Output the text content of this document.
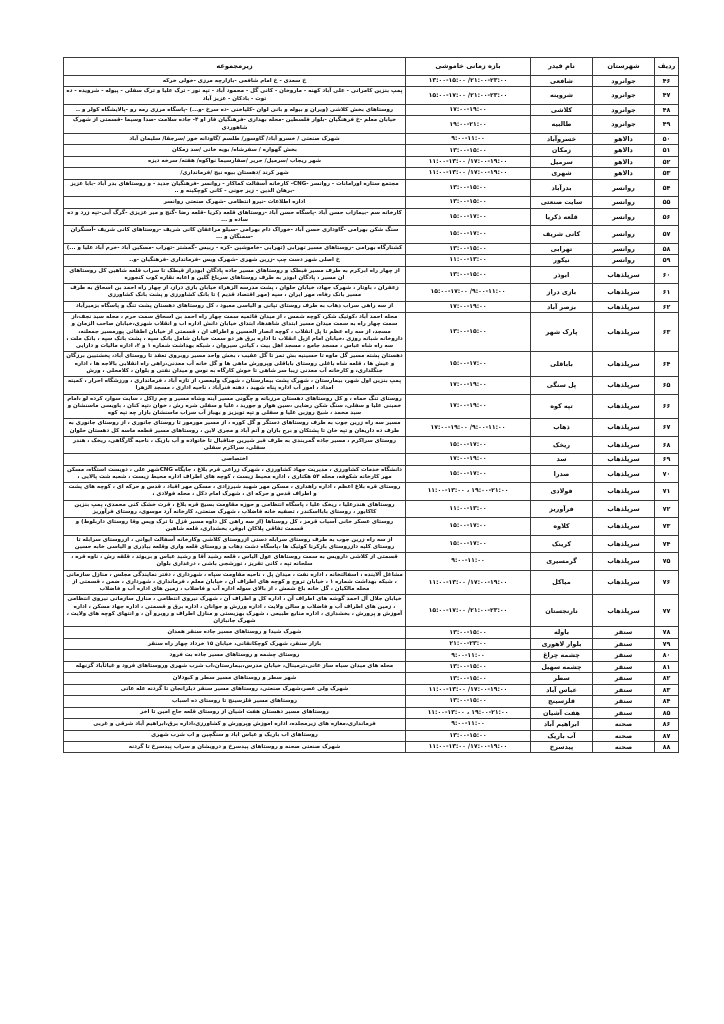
ردیف	شهرستان	نام فیدر	بازه زمانی خاموشی	زیرمجموعه
۴۶	جوانرود	شافعی	۱۳:۰۰-۱۵:۰۰ /۲۱:۰۰-۲۳:۰۰	خ سعدی - خ امام شافعی -بازارچه مرزی -خولی خرکه
۴۷	جوانرود	شروینه	۱۵:۰۰-۱۷:۰۰ /۲۱:۰۰-۲۳:۰۰	پمپ بنزین کامرانی - علی آباد کهنه - ماروخان - کانی گل - محمود آباد - تپه نور - ترک علیا و ترک سفلی - پیوله - شرویده - ده توت - بادکان - عزیز آباد
۴۸	جوانرود	کلاشی	۱۷:۰۰-۱۹:۰۰	روستاهای بخش کلاشی (ویران و بیوله و بانی لوان -کلیاخنی -ده سرخ -و...) -پاسگاه مرزی رمه رو -پالایشگاه کولر و ..
۴۹	جوانرود	طالبیه	۱۹:۰۰-۲۱:۰۰	خیابان معلم -خ فرهنگیان -بلوار فلسطین -محله بهداری -فرهنگیان فاز او ۴- جاده سلامت -صدا وسیما -قسمتی از شهرک شاهوردی
۵۰	دالاهو	خسروآباد	۹:۰۰-۱۱:۰۰	شهرک صنعتی / خسرو آباد/ گاوسور/ طلسم /گاودانه خور /سرجقا/ سلیمان آباد
۵۱	دالاهو	زمکان	۱۳:۰۰-۱۵:۰۰	بخش گهواره / سفرشاه/ بویه خانی /سد زمکان
۵۲	دالاهو	سرمیل	۱۱:۰۰-۱۳:۰۰ /۱۷:۰۰-۱۹:۰۰	شهر ریجاب /سرمیل/ حریر /صفارسیما نواکوه/ هفته/ سرخه دیزه
۵۳	دالاهو	شهری	۱۱:۰۰-۱۳:۰۰ /۱۷:۰۰-۱۹:۰۰	شهر کرند /دهستان بیوه نیج /فرمانداری/
۵۴	روانسر	بدرآباد	۱۳:۰۰-۱۵:۰۰	مجتمع ستاره اورامانات - روانسر -CNG- کارخانه آسفالت کماکار - روانسر -فرهنگیان جدید - و روستاهای بدر آباد -بابا عزیز -برهان الدین - زیر جونی - کانی کوچکینه و ..
۵۵	روانسر	سایت صنعتی	۱۳:۰۰-۱۵:۰۰	اداره اطلاعات -نیرو انتظامی -شهرک صنعتی روانسر
۵۶	روانسر	قلعه ذکریا	۱۵:۰۰-۱۷:۰۰	کارخانه سم -بیمازاب حسن آباد -پاسگاه حسن آباد -روستاهای قلعه ذکریا -قلعه رضا -گنج و میر عزیزی -گرگ آبی-تپه زرد و ده ساده و ...
۵۷	روانسر	کانی شریف	۱۵:۰۰-۱۷:۰۰	سنگ شکن بهرامی -گاوداری حسن آباد -خوراک دام بهرامی -سیلو مراغفان کانی شریف -روستاهای کانی شریف -آسنگران -سمنگان و ...
۵۸	روانسر	تهرابی	۱۳:۰۰-۱۵:۰۰	کشتارگاه بهرامی -روستاهای مسیر تهرابی (تهرابی -خاموشین -کره - ربیس -گمشتر -تهراب -مسکین آباد -خرم آباد علیا و ...)
۵۹	روانسر	نیکور	۱۱:۰۰-۱۳:۰۰	خ اصلی شهر دست چپ -زرین شهری -شهرک ویس -فرمانداری -فرهنگیان -و..
۶۰	سرپلذهاب	ابوذر	۱۳:۰۰-۱۵:۰۰	از چهار راه ابرکرم به طرف مسیر قبطک و روستاهای مسیر جاده پادگان ابوذراز قبطک تا سراب قلعه شاهین کل روستاهای ان مسیر ، پادگان ابوذر به طرف روستاهای سرباغ گلین و اعابه نقاره کوب کنجوره
۶۱	سرپلذهاب	بازی دراز	۱۵:۰۰-۱۷:۰۰ /۹:۰۰-۱۱:۰۰	زعفران ، باوتار ، شهرک جهاد، خیابان حلوان ، پشت مدرسه الزهراء خیابان بازی دراز، از چهار راه احمد بن اسحاق به طرف مسیر بانک رفاه، مهر ایران ، سپه (مهر اقتصاد قدیم ) تا بانک کشاورزی و پشت بانک کشاورزی
۶۲	سرپلذهاب	بزصر آباد	۱۷:۰۰-۱۹:۰۰	از سه راهی سراب ذهاب به طرف روستای تپانی و الیاسی معبود ، کل روستاهای دهستان پشت تنگ و پاسگاه بزمیرآباد
۶۳	سرپلذهاب	پارک شهر	۱۳:۰۰-۱۵:۰۰	محله احمد آباد ،کوئیک شکر، کوچه شمس ، از میدان قائمیه سمت چهار راه احمد بن اسحاق سمت حرم ، محله سید نجف،از سمت چهار راه به سمت میدان مسیر ابتدای شاهدها، ابتدای خیابان دانش اداره اب و انقلاب شهری،خیابان صاحب الزمان و مسجد، از سه راه عظم تا پل انقلاب ، کوچه انصار الحسین و اطراف ان ، قسمتی از خیابان اطفائی پورمسیر جمعلنه، داروخانه شبانه روزی ،خیابان امام ازپل انقلاب تا اداره برق هر دو سمت خیابان شامل بانک سپه ، پشت بانک سپه ، بانک ملت ، سه راه شاه عباس ، مسجد جامع ، مسجد اهل بیت ، کیانی سیروان ، شبکه بهداشت شماره ۱ و ۲، اداره مالیات و دارایی
۶۴	سرپلذهاب	باباقلی	۱۵:۰۰-۱۷:۰۰	دهستان پشته مسیر گل ماوه تا حسینیه بش تمر تا گل عقیب ، بخش واحد مسیر روبروی تعقد تا روستای آباد، پخشتیین برزگان و عیش ها ، قلعه شاه باغلی روستای باباقلی وپرورش ماهی ها و گل خانه آب معدنی،راهی راه انقلابی بالاجه ها ، اداره جنگلداری، و کارخانه آب معدنی زیبا سر شاهی تا خوش کارگاه به نوس و میدان نفتی و بلوان ، کلامحلی ، ورش
۶۵	سرپلذهاب	پل سنگی	۱۷:۰۰-۱۹:۰۰	پمپ بنزین اول شهر، بیمارستان ، شهرک پشت بیمارستان ، شهرک ولیعصر، از تازه آباد ، فرمانداری ، ورزشگاه احرار ، کمیته امداد ، امور آب اداره پناه شهید ، دهنه فنرآباد ، ناحیه اداری ، مسجد الزهرا
۶۶	سرپلذهاب	تپه کوه	۱۷:۰۰-۱۹:۰۰	روستای تنگ حماه ، و کل روستاهای دهستان مرزبانه و چگونی مسیر آینه وشاه مسیر و چم زاکل ، سایت سوار، کرده لو ،امام خمینی علیا و سفلی، سنگ شکن رضایی ،سین هوار و جوربد ، علیا و سفلی شره رش ، خوان ،تپه کنان ، باویسی ماسنشان و سید محمد ، شیخ روزین علیا و سفلی و تپه تویزیز و بهباز آب سراب ماسنشان بازار چه تپه کوه
۶۷	سرپلذهاب	ذهاب	۱۷:۰۰-۱۹:۰۰ /۹:۰۰-۱۱:۰۰	مسیر سه راه زرین جوب به طرف روستاهای دستگر و گل کوره ، از مسیر مورمور تا روستای جانوری ، از روستای جانوری به طرف ده داریغان و تپه خان تا پشتکان و برج بازان و آتم آباد و مجری لاین ، روستاهای مسیر قطعه ماسه کل دهستان حلوان
۶۸	سرپلذهاب	ریخک	۱۵:۰۰-۱۷:۰۰	روستای سراکرم ، مسیر جاده گمربندی به طرف قبر شیرین جناقبال تا خانواده و آب بازیک ، ناحیه گارگاهی، ریخک ، هندر سفلی، سراکرم سفلی
۶۹	سرپلذهاب	سد	۱۷:۰۰-۱۹:۰۰	اختصاصی
۷۰	سرپلذهاب	صدرا	۱۵:۰۰-۱۷:۰۰	دانشگاه خدمات کشاورزی ، مدیریت جهاد کشاورزی ، شهرک زراعی قرم بلاغ ، جایگاه CNGشهر علی ، دویست استگاه، مسکن مهر کارخانه شکوفه، محله ۵۴ هکتاری ، اداره محیط زیست ، کوچه های اطراف اداره محیط زیست ، شعبه شت پالایی ،
۷۱	سرپلذهاب	فولادی	۱۱:۰۰-۱۳:۰۰ ، ۱۹:۰۰-۲۱:۰۰	روستای قره بلاغ اعظم ، اداره راهداری ، مسکن مهر شهید شیرزادی ، مسکن مهر اقباد ، قدس و حرکه ای ، کوچه های پشت و اطراف قدس و حرکه ای ، شهرک امام دکل ، محله فولادی ،
۷۲	سرپلذهاب	فرآوریز	۱۱:۰۰-۱۳:۰۰	روستاهای هندرعلیا ، ریخک علیا ، پاسگاه انتظامی و حوزه مقاومت بسیج قره بلاغ ، قرت خشک کنی محمدی، پمپ بنزین کاکابور ، روستای بابااسکندر ، تصفیه خانه فاضلاب ، شهرک صنعتی، کارخانه آرد موسوی، روستای فرآوریز
۷۳	سرپلذهاب	کلاوه	۱۵:۰۰-۱۷:۰۰	روستای عسکر خانی آسیاب قرمز ، کل روستاها (از سه راهی کل داوه مسیر قزل تا ترک ویس وقا روستای داربلوط) و قسمت تفاقی پلاکان ابوفر، بخشداری، قلعه شاهین
۷۴	سرپلذهاب	کرینک	۱۵:۰۰-۱۷:۰۰	از سه راه زرین جوب به طرف روستای سرابله دستی ازروستای کلاشی وکارخانه آسفالت ایوانی ، ازروستای سرابله تا روستای کلیه دازروستای بازکرنا کوئیک ها ،پاسگاه دشت ذهاب و روستای قلعه واری وقلعه بیاذری و الیاسی خابه حسین
۷۵	سرپلذهاب	گرمسیری	۹:۰۰-۱۱:۰۰	قسمتی از کلاشی دارویس به سمت روستاهای عول الیاس ، قلعه رشید آقا و رشید عباس و بربوئد ، قلقه رش ، ناوه قره ، سلحانه تپه ، کانی تقریز ، تورشجی باشی ، درغداری بلوان
۷۶	سرپلذهاب	میاکل	۱۱:۰۰-۱۳:۰۰ /۱۷:۰۰-۱۹:۰۰	مشاغل آلاینده ، اسفالتخانه ، اداره نفت ، میدان پل ، ناحیه مقاومت سپاه ، شهرداری ، دفتر نمایندگی مجلس ، منازل سازمانی ، شبکه بهداشت شماره ۱ ، خیابان تروج و کوچه های اطراف آن ، خیابان معلم ، فرمانداری ، شهرداری ، ضمن ، قسمتی از محله مالکیان ، گل خانه باغ شمش ، از بالای سوله اداره آب و فاضلاب ، زمین های اداره آب و فاضلاب
۷۷	سرپلذهاب	نارنجستان	۱۵:۰۰-۱۷:۰۰ /۲۱:۰۰-۲۳:۰۰	خیابان جلال آل احمد گوشه های اطراف آن ، اداره کل و اطراف آن ، شهرک نیروی انتظامی ، منازل سازمانی نیروی انتظامی ، زمین های اطراف آب و فاضلاب و سالن ولایت ، اداره ورزش و جوانان ، اداره برق و قسمتی ، اداره جهاد مسکن ، اداره آموزش و پرورش ، بخشداری ، اداره منابع طبیعی ، شهرک بهزیستی و منازل اطراف و روبرو آن ، و انتهای کوچه های ولایت ، شهرک جانبازان
۷۸	سنقر	باوله	۱۳:۰۰-۱۵:۰۰	شهرک شیدا و روستاهای مسیر جاده سنقر همدان
۷۹	سنقر	بلوار لاهوری	۲۱:۰۰-۲۳:۰۰	بازار سنقر، شهرک کوچکانقانی، خیابان ۱۵ خرداد چهار راه سنقر
۸۰	سنقر	چشمه چراغ	۹:۰۰-۱۱:۰۰	روستای چشمه و روستاهای مسیر جاده بت فرود
۸۱	سنقر	چشمه سهیل	۱۳:۰۰-۱۵:۰۰	محله های میدان سیاه ساز عانی،ترمینال، خیابان مدرس،بیمارستان،اب شرب شهری وروستاهای فرود و غیاثآباد گزنهله
۸۲	سنقر	سطر	۱۳:۰۰-۱۵:۰۰	شهر سطر و روستاهای مسیر سطر و کبودلان
۸۳	سنقر	عباس آباد	۱۱:۰۰-۱۳:۰۰ /۱۷:۰۰-۱۹:۰۰	شهرک ولی عصر،شهرک صنعتی، روستاهای مسیر سنقر دیلزانجان تا گردنه عله عانی
۸۴	سنقر	قلزسینج	۱۳:۰۰-۱۵:۰۰	روستاهای مسیر قلزسینج تا روستای ده اسباب
۸۵	سنقر	هفت آشیان	۱۱:۰۰-۱۳:۰۰ ، ۱۹:۰۰-۲۱:۰۰	روستاهای مسیر دهستان هفت اشیان از روستای قلعه حاج امین تا اخر
۸۶	صحنه	ابراهیم آباد	۹:۰۰-۱۱:۰۰	فرمانداری،مغازه های زیرمجلده، اداره اموزش وپرورش و کشاورزی،اداره برق،ابراهیم آباد شرقی و غربی
۸۷	صحنه	آب باریک	۱۳:۰۰-۱۵:۰۰	روستاهای اب باریک و عباس اباد و سنگچین و اب شرب شهری
۸۸	صحنه	پیدسرخ	۱۱:۰۰-۱۳:۰۰ /۱۷:۰۰-۱۹:۰۰	شهرک صنعتی صحنه و روستاهای پیدسرخ و درویشان و سراب پیدسرخ تا گردنه
